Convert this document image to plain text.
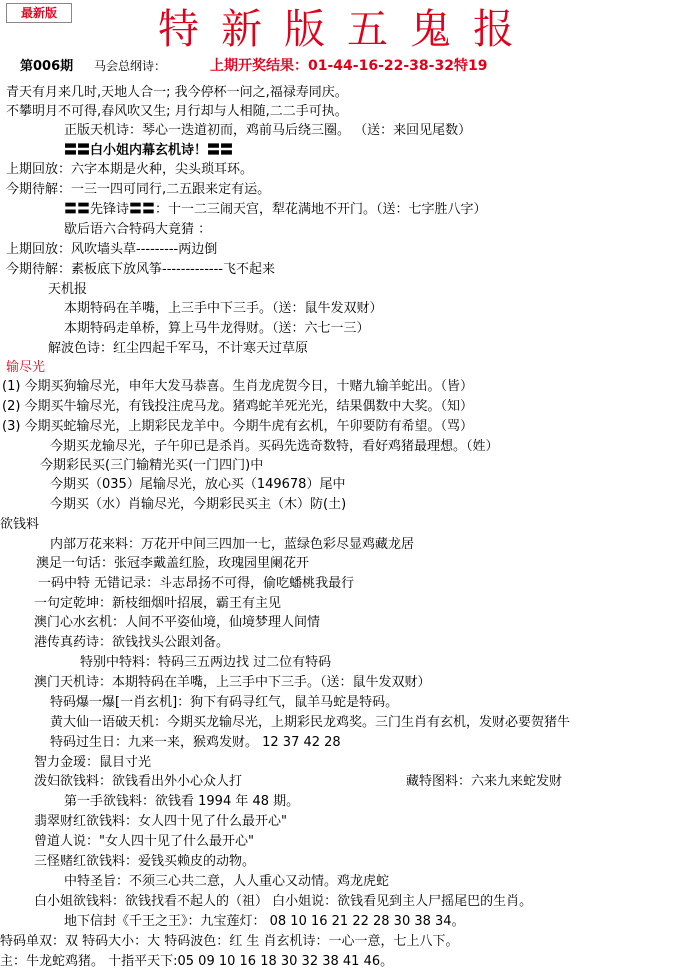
最新版	特新版五鬼报
第006期 马会总纲诗：	上期开奖结果：01-44-16-22-38-32特19
青天有月来几时,天地人合一; 我今停杯一问之,福禄寿同庆。
不攀明月不可得,春风吹又生; 月行却与人相随,二二手可执。
正版天机诗：琴心一迭道初而，鸡前马后绕三圈。 （送：来回见尾数）
〓〓白小姐内幕玄机诗！〓〓
上期回放：六字本期是火种，尖头琐耳环。
今期待解：一三一四可同行,二五跟来定有运。
〓〓先锋诗〓〓：十一二三闹天宫，犁花满地不开门。（送：七字胜八字）
歇后语六合特码大竟猜 ：
上期回放：风吹墙头草---------两边倒
今期待解：素板底下放风筝-------------飞不起来
天机报
本期特码在羊嘴，上三手中下三手。（送：鼠牛发双财）
本期特码走单桥，算上马牛龙得财。（送：六七一三）
解波色诗：红尘四起千军马，不计寒天过草原
输尽光
(1) 今期买狗输尽光，申年大发马恭喜。生肖龙虎贺今日，十赌九输羊蛇出。（皆）
(2) 今期买牛输尽光，有钱投注虎马龙。猪鸡蛇羊死光光，结果偶数中大奖。（知）
(3) 今期买蛇输尽光，上期彩民龙羊中。今期牛虎有玄机，午卯要防有希望。（骂）
今期买龙输尽光，子午卯已是杀肖。买码先选奇数特，看好鸡猪最理想。（姓）
今期彩民买(三门输精光买(一门四门)中
今期买（035）尾输尽光，放心买（149678）尾中
今期买（水）肖输尽光，今期彩民买主（木）防(土)
欲钱料
内部万花来料：万花开中间三四加一七，蓝绿色彩尽显鸡藏龙居
澳足一句话：张冠李戴盖红脸，玫瑰园里阑花开
一码中特 无错记录：斗志昂扬不可得，偷吃蟠桃我最行
一句定乾坤：新枝细烟叶招展，霸王有主见
澳门心水玄机：人间不平姿仙境，仙境梦理人间情
港传真药诗：欲钱找头公跟刘备。
特别中特料：特码三五两边找 过二位有特码
澳门天机诗：本期特码在羊嘴，上三手中下三手。（送：鼠牛发双财）
特码爆一爆[一肖玄机]：狗下有码寻红气，鼠羊马蛇是特码。
黄大仙一语破天机：今期买龙输尽光，上期彩民龙鸡奖。三门生肖有玄机，发财必要贺猪牛
特码过生日：九来一来，猴鸡发财。 12 37 42 28
智力金瑷：鼠目寸光
泼妇欲钱料：欲钱看出外小心众人打	藏特图料：六来九来蛇发财
第一手欲钱料：欲钱看 1994 年 48 期。
翡翠财红欲钱料：女人四十见了什么最开心"
曾道人说："女人四十见了什么最开心"
三怪赌红欲钱料：爱钱买赖皮的动物。
中特圣旨：不须三心共二意，人人重心又动情。鸡龙虎蛇
白小姐欲钱料：欲钱找看不起人的（祖） 白小姐说：欲钱看见到主人尸摇尾巴的生肖。
地下信封《千王之王》：九宝莲灯： 08 10 16 21 22 28 30 38 34。
特码单双：双 特码大小：大 特码波色：红 生 肖玄机诗：一心一意，七上八下。
主：牛龙蛇鸡猪。 十指平天下:05 09 10 16 18 30 32 38 41 46。
